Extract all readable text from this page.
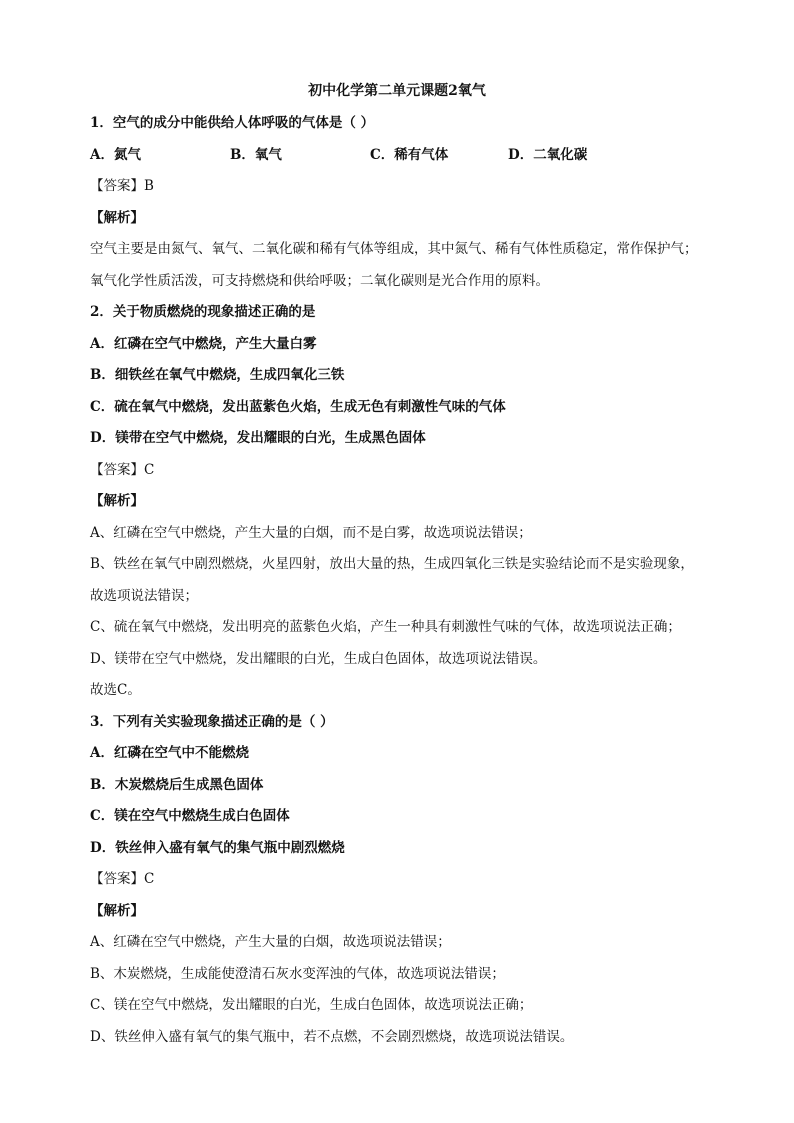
初中化学第二单元课题2氧气
1．空气的成分中能供给人体呼吸的气体是（ ）
A．氮气	B．氧气	C．稀有气体	D．二氧化碳
【答案】B
【解析】
空气主要是由氮气、氧气、二氧化碳和稀有气体等组成，其中氮气、稀有气体性质稳定，常作保护气；
氧气化学性质活泼，可支持燃烧和供给呼吸；二氧化碳则是光合作用的原料。
2．关于物质燃烧的现象描述正确的是
A．红磷在空气中燃烧，产生大量白雾
B．细铁丝在氧气中燃烧，生成四氧化三铁
C．硫在氧气中燃烧，发出蓝紫色火焰，生成无色有刺激性气味的气体
D．镁带在空气中燃烧，发出耀眼的白光，生成黑色固体
【答案】C
【解析】
A、红磷在空气中燃烧，产生大量的白烟，而不是白雾，故选项说法错误；
B、铁丝在氧气中剧烈燃烧，火星四射，放出大量的热，生成四氧化三铁是实验结论而不是实验现象，
故选项说法错误；
C、硫在氧气中燃烧，发出明亮的蓝紫色火焰，产生一种具有刺激性气味的气体，故选项说法正确；
D、镁带在空气中燃烧，发出耀眼的白光，生成白色固体，故选项说法错误。
故选C。
3．下列有关实验现象描述正确的是（ ）
A．红磷在空气中不能燃烧
B．木炭燃烧后生成黑色固体
C．镁在空气中燃烧生成白色固体
D．铁丝伸入盛有氧气的集气瓶中剧烈燃烧
【答案】C
【解析】
A、红磷在空气中燃烧，产生大量的白烟，故选项说法错误；
B、木炭燃烧，生成能使澄清石灰水变浑浊的气体，故选项说法错误；
C、镁在空气中燃烧，发出耀眼的白光，生成白色固体，故选项说法正确；
D、铁丝伸入盛有氧气的集气瓶中，若不点燃，不会剧烈燃烧，故选项说法错误。
